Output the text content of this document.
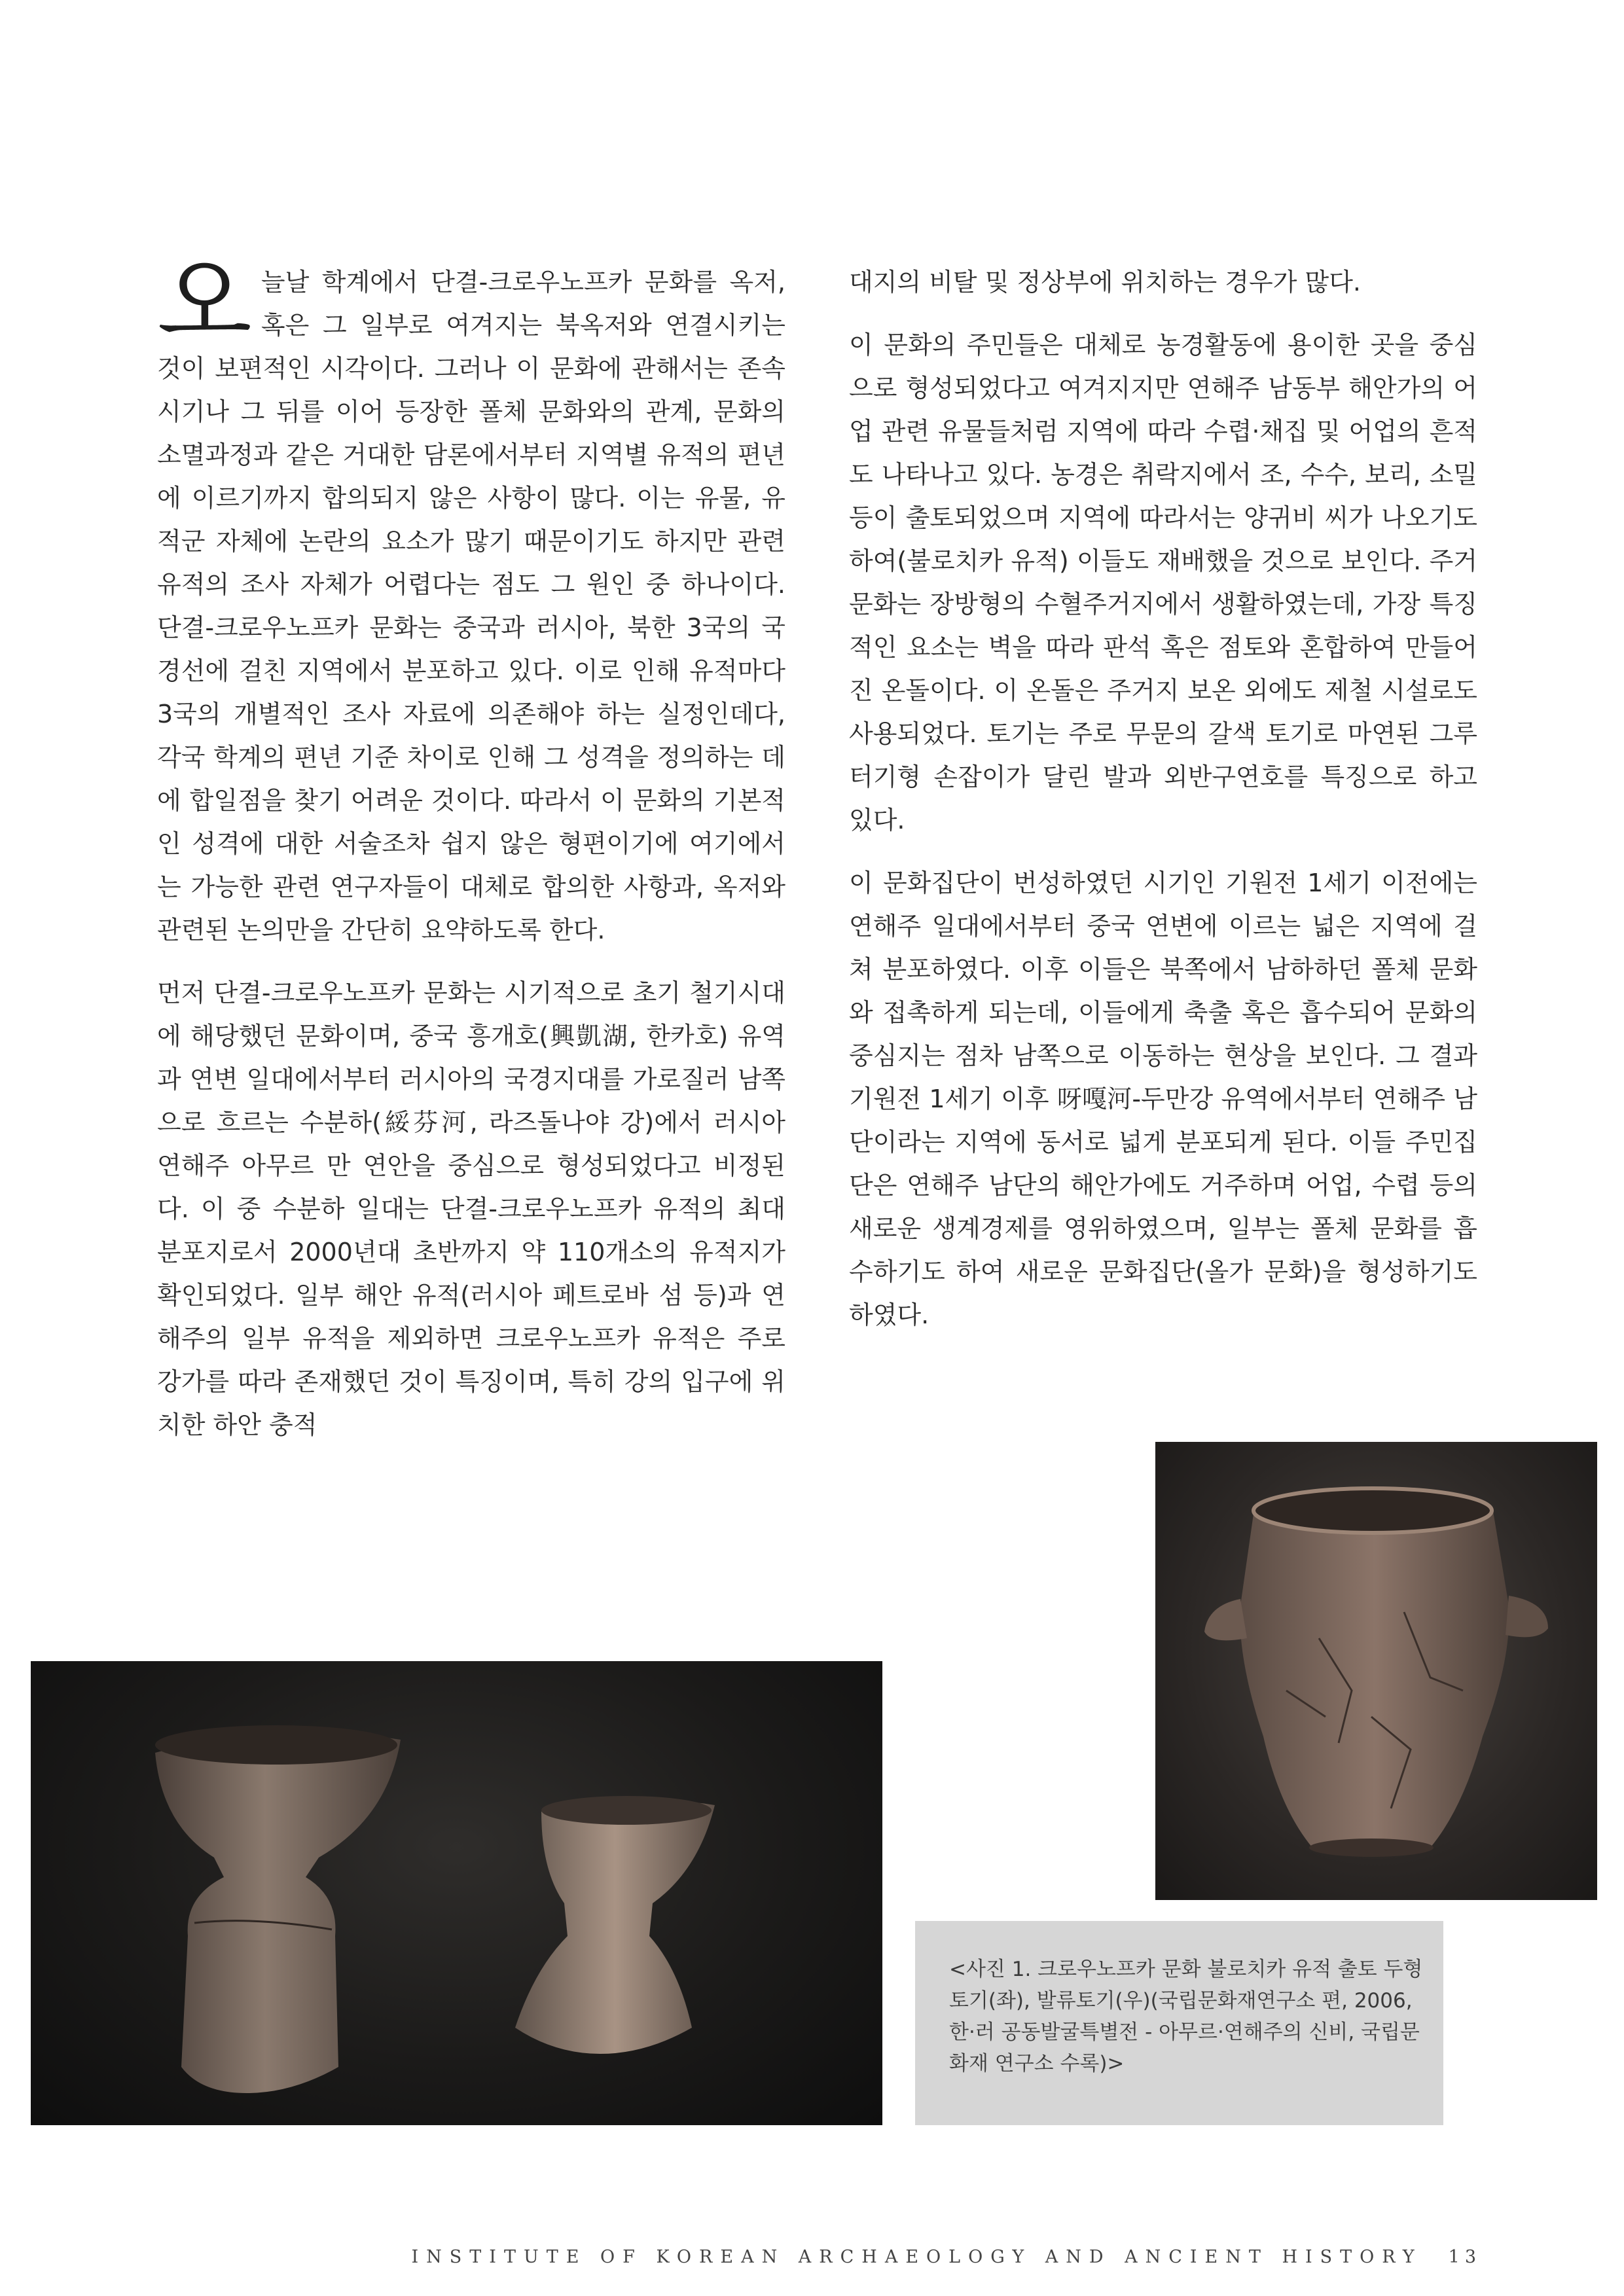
오늘날 학계에서 단결-크로우노프카 문화를 옥저, 혹은 그 일부로 여겨지는 북옥저와 연결시키는 것이 보편적인 시각이다. 그러나 이 문화에 관해서는 존속 시기나 그 뒤를 이어 등장한 폴체 문화와의 관계, 문화의 소멸과정과 같은 거대한 담론에서부터 지역별 유적의 편년에 이르기까지 합의되지 않은 사항이 많다. 이는 유물, 유적군 자체에 논란의 요소가 많기 때문이기도 하지만 관련 유적의 조사 자체가 어렵다는 점도 그 원인 중 하나이다. 단결-크로우노프카 문화는 중국과 러시아, 북한 3국의 국경선에 걸친 지역에서 분포하고 있다. 이로 인해 유적마다 3국의 개별적인 조사 자료에 의존해야 하는 실정인데다, 각국 학계의 편년 기준 차이로 인해 그 성격을 정의하는 데에 합일점을 찾기 어려운 것이다. 따라서 이 문화의 기본적인 성격에 대한 서술조차 쉽지 않은 형편이기에 여기에서는 가능한 관련 연구자들이 대체로 합의한 사항과, 옥저와 관련된 논의만을 간단히 요약하도록 한다.

먼저 단결-크로우노프카 문화는 시기적으로 초기 철기시대에 해당했던 문화이며, 중국 흥개호(興凱湖, 한카호) 유역과 연변 일대에서부터 러시아의 국경지대를 가로질러 남쪽으로 흐르는 수분하(綏芬河, 라즈돌나야 강)에서 러시아 연해주 아무르 만 연안을 중심으로 형성되었다고 비정된다. 이 중 수분하 일대는 단결-크로우노프카 유적의 최대 분포지로서 2000년대 초반까지 약 110개소의 유적지가 확인되었다. 일부 해안 유적(러시아 페트로바 섬 등)과 연해주의 일부 유적을 제외하면 크로우노프카 유적은 주로 강가를 따라 존재했던 것이 특징이며, 특히 강의 입구에 위치한 하안 충적

대지의 비탈 및 정상부에 위치하는 경우가 많다.

이 문화의 주민들은 대체로 농경활동에 용이한 곳을 중심으로 형성되었다고 여겨지지만 연해주 남동부 해안가의 어업 관련 유물들처럼 지역에 따라 수렵·채집 및 어업의 흔적도 나타나고 있다. 농경은 취락지에서 조, 수수, 보리, 소밀 등이 출토되었으며 지역에 따라서는 양귀비 씨가 나오기도 하여(불로치카 유적) 이들도 재배했을 것으로 보인다. 주거 문화는 장방형의 수혈주거지에서 생활하였는데, 가장 특징적인 요소는 벽을 따라 판석 혹은 점토와 혼합하여 만들어진 온돌이다. 이 온돌은 주거지 보온 외에도 제철 시설로도 사용되었다. 토기는 주로 무문의 갈색 토기로 마연된 그루터기형 손잡이가 달린 발과 외반구연호를 특징으로 하고 있다.

이 문화집단이 번성하였던 시기인 기원전 1세기 이전에는 연해주 일대에서부터 중국 연변에 이르는 넓은 지역에 걸쳐 분포하였다. 이후 이들은 북쪽에서 남하하던 폴체 문화와 접촉하게 되는데, 이들에게 축출 혹은 흡수되어 문화의 중심지는 점차 남쪽으로 이동하는 현상을 보인다. 그 결과 기원전 1세기 이후 呀嘎河-두만강 유역에서부터 연해주 남단이라는 지역에 동서로 넓게 분포되게 된다. 이들 주민집단은 연해주 남단의 해안가에도 거주하며 어업, 수렵 등의 새로운 생계경제를 영위하였으며, 일부는 폴체 문화를 흡수하기도 하여 새로운 문화집단(올가 문화)을 형성하기도 하였다.

<사진 1. 크로우노프카 문화 불로치카 유적 출토 두형토기(좌), 발류토기(우)(국립문화재연구소 편, 2006, 한·러 공동발굴특별전 - 아무르·연해주의 신비, 국립문화재 연구소 수록)>

INSTITUTE OF KOREAN ARCHAEOLOGY AND ANCIENT HISTORY 13
